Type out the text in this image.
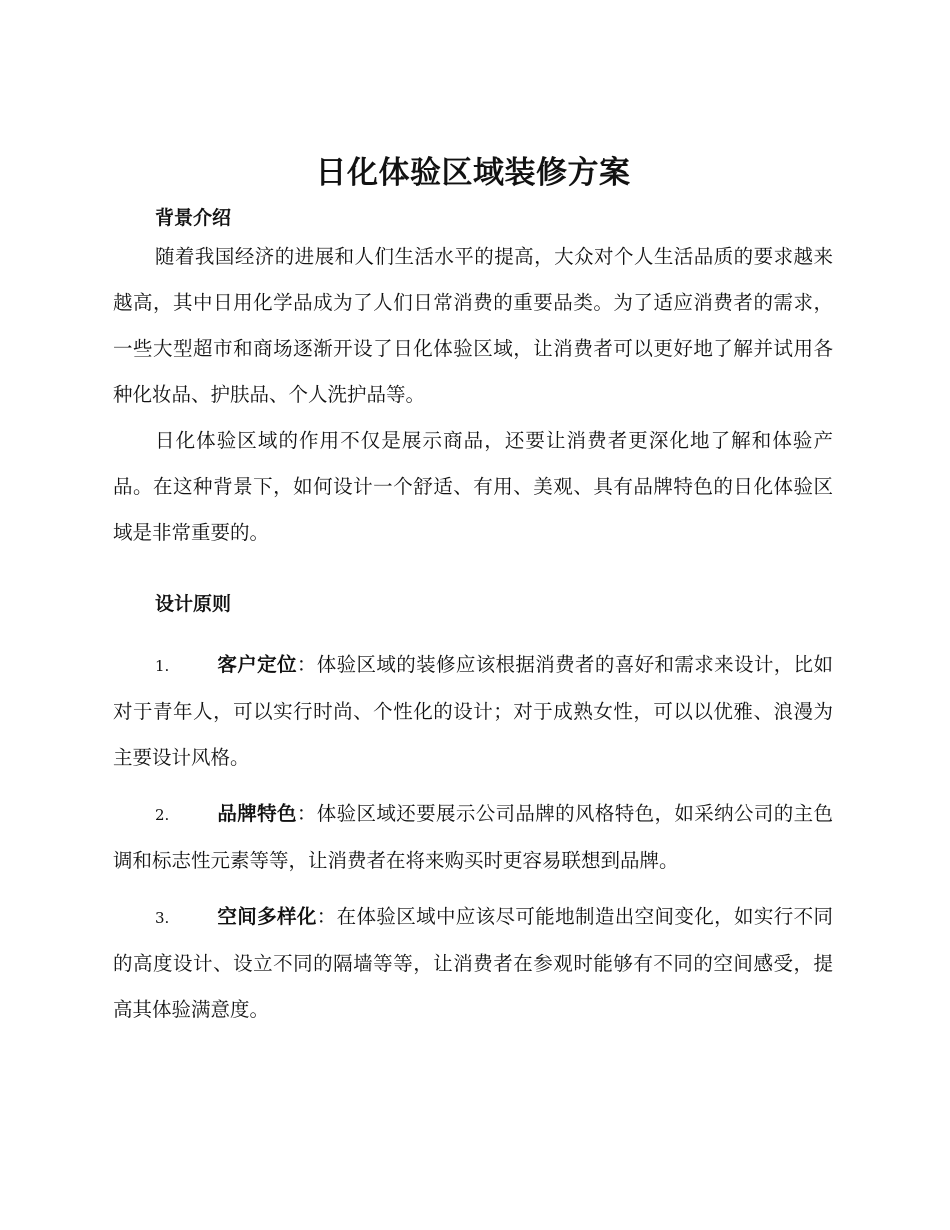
日化体验区域装修方案
背景介绍

随着我国经济的进展和人们生活水平的提高，大众对个人生活品质的要求越来越高，其中日用化学品成为了人们日常消费的重要品类。为了适应消费者的需求，一些大型超市和商场逐渐开设了日化体验区域，让消费者可以更好地了解并试用各种化妆品、护肤品、个人洗护品等。

日化体验区域的作用不仅是展示商品，还要让消费者更深化地了解和体验产品。在这种背景下，如何设计一个舒适、有用、美观、具有品牌特色的日化体验区域是非常重要的。

设计原则

1. 客户定位：体验区域的装修应该根据消费者的喜好和需求来设计，比如对于青年人，可以实行时尚、个性化的设计；对于成熟女性，可以以优雅、浪漫为主要设计风格。

2. 品牌特色：体验区域还要展示公司品牌的风格特色，如采纳公司的主色调和标志性元素等等，让消费者在将来购买时更容易联想到品牌。

3. 空间多样化：在体验区域中应该尽可能地制造出空间变化，如实行不同的高度设计、设立不同的隔墙等等，让消费者在参观时能够有不同的空间感受，提高其体验满意度。
